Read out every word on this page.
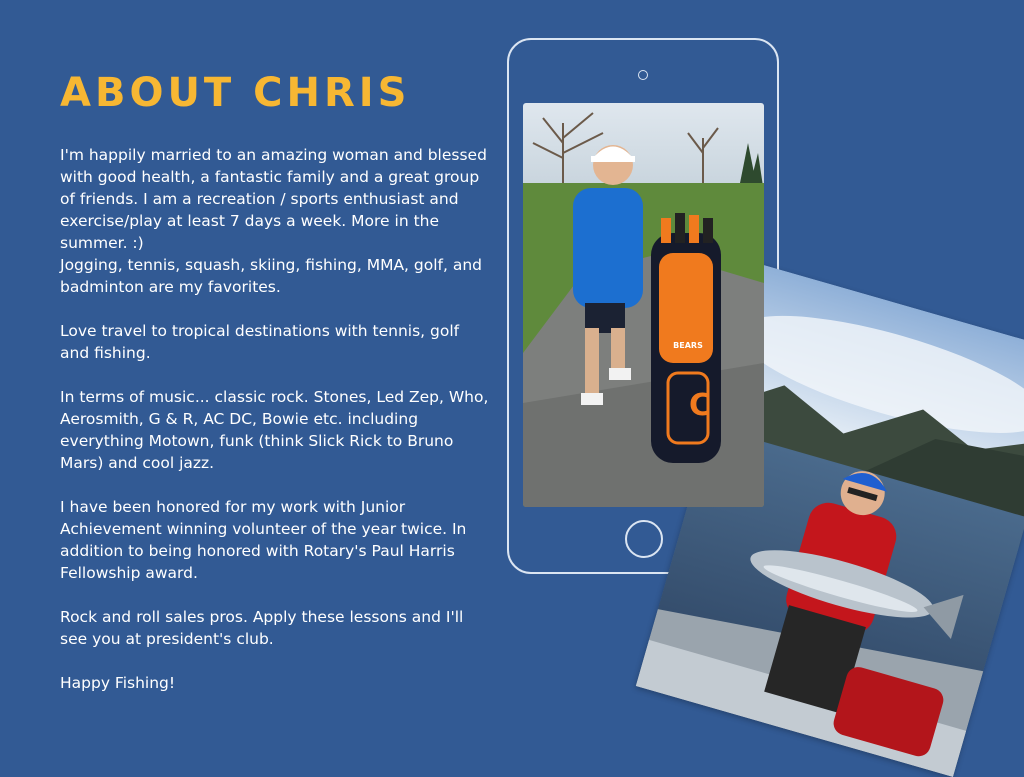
ABOUT CHRIS

I'm happily married to an amazing woman and blessed with good health, a fantastic family and a great group of friends. I am a recreation / sports enthusiast and exercise/play at least 7 days a week. More in the summer. :)

Jogging, tennis, squash, skiing, fishing, MMA, golf, and badminton are my favorites.

Love travel to tropical destinations with tennis, golf and fishing.

In terms of music... classic rock. Stones, Led Zep, Who, Aerosmith, G & R, AC DC, Bowie etc. including everything Motown, funk (think Slick Rick to Bruno Mars) and cool jazz.

I have been honored for my work with Junior Achievement winning volunteer of the year twice. In addition to being honored with Rotary's Paul Harris Fellowship award.

Rock and roll sales pros. Apply these lessons and I'll see you at president's club.

Happy Fishing!

C
BEARS
